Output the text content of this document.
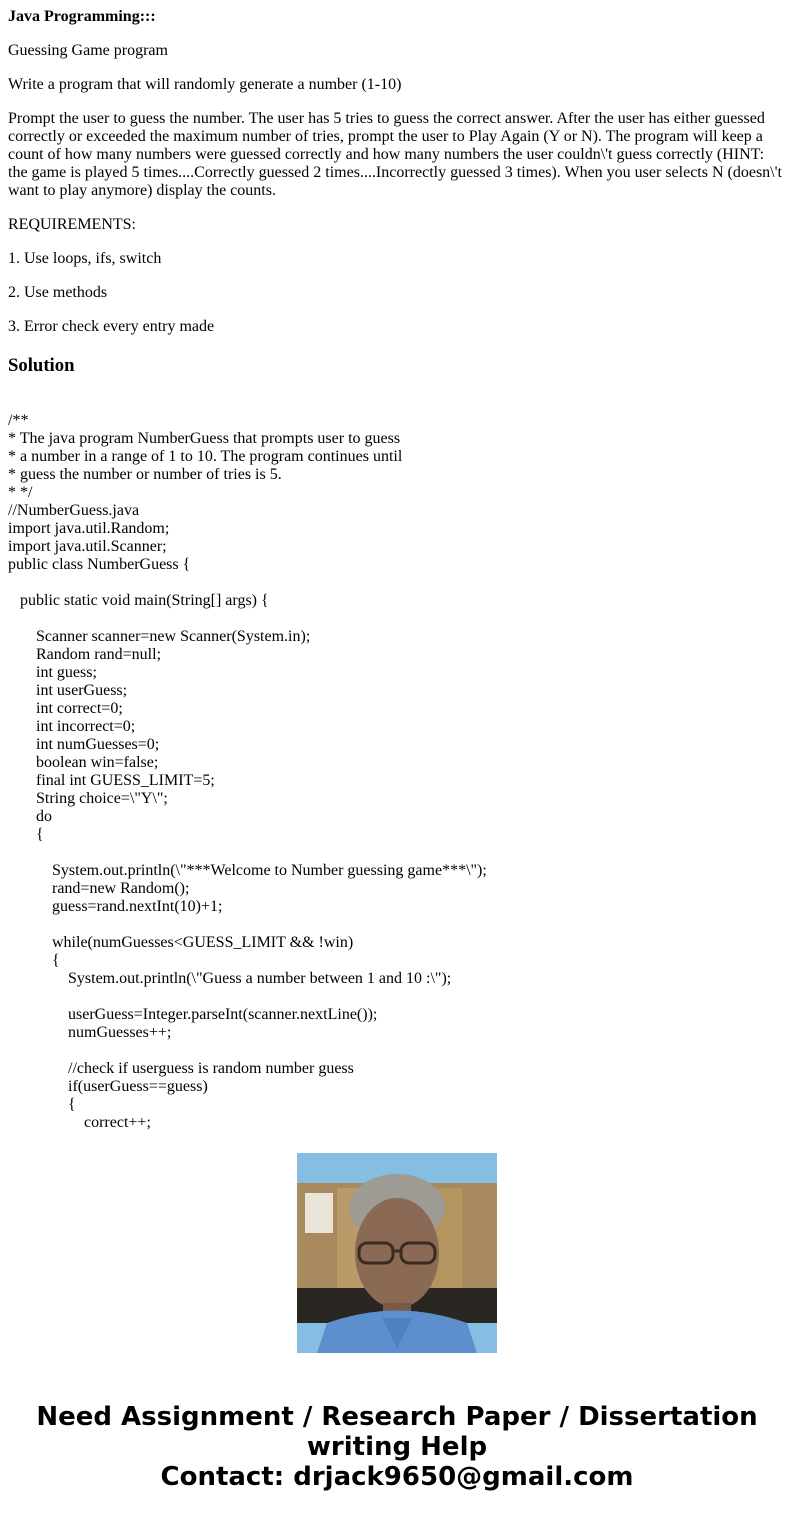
Java Programming:::

Guessing Game program

Write a program that will randomly generate a number (1-10)

Prompt the user to guess the number. The user has 5 tries to guess the correct answer. After the user has either guessed correctly or exceeded the maximum number of tries, prompt the user to Play Again (Y or N). The program will keep a count of how many numbers were guessed correctly and how many numbers the user couldn\'t guess correctly (HINT: the game is played 5 times....Correctly guessed 2 times....Incorrectly guessed 3 times). When you user selects N (doesn\'t want to play anymore) display the counts.

REQUIREMENTS:

1. Use loops, ifs, switch

2. Use methods

3. Error check every entry made

Solution
/**
* The java program NumberGuess that prompts user to guess
* a number in a range of 1 to 10. The program continues until
* guess the number or number of tries is 5.
* */
//NumberGuess.java
import java.util.Random;
import java.util.Scanner;
public class NumberGuess {
public static void main(String[] args) {
Scanner scanner=new Scanner(System.in);
Random rand=null;
int guess;
int userGuess;
int correct=0;
int incorrect=0;
int numGuesses=0;
boolean win=false;
final int GUESS_LIMIT=5;
String choice=\"Y\";
do
{
System.out.println(\"***Welcome to Number guessing game***\");
rand=new Random();
guess=rand.nextInt(10)+1;
while(numGuesses<GUESS_LIMIT && !win)
{
System.out.println(\"Guess a number between 1 and 10 :\");
userGuess=Integer.parseInt(scanner.nextLine());
numGuesses++;
//check if userguess is random number guess
if(userGuess==guess)
{
correct++;
Need Assignment / Research Paper / Dissertation
writing Help
Contact: drjack9650@gmail.com
